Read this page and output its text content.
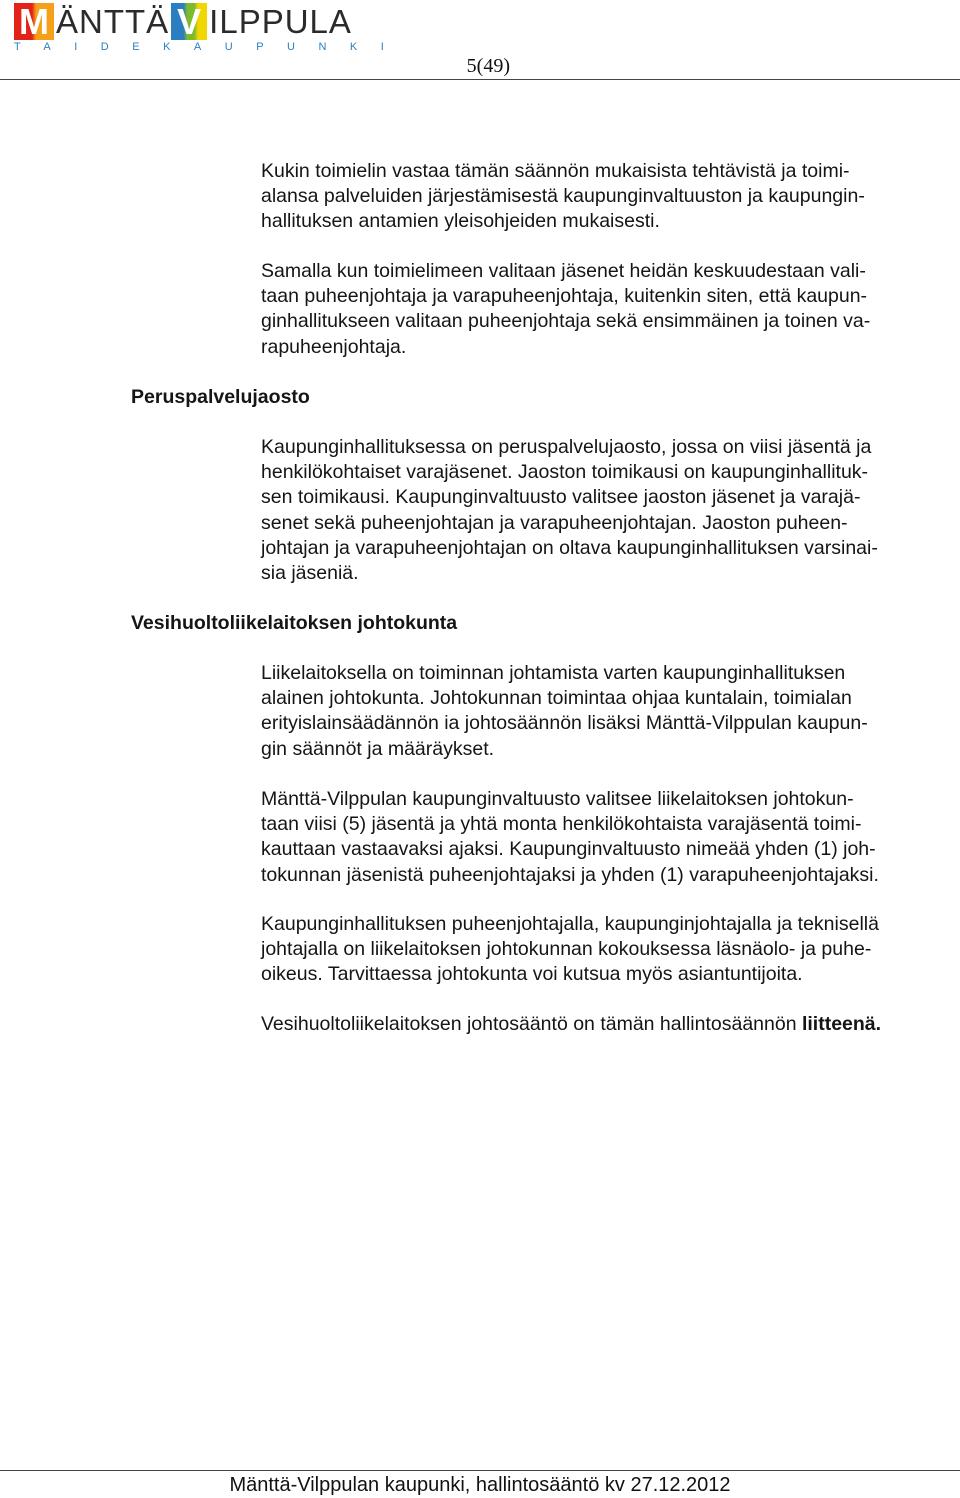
M ÄNTTÄ V ILPPULA
TAIDEKAUPUNKI
5(49)

Kukin toimielin vastaa tämän säännön mukaisista tehtävistä ja toimi-
alansa palveluiden järjestämisestä kaupunginvaltuuston ja kaupungin-
hallituksen antamien yleisohjeiden mukaisesti.

Samalla kun toimielimeen valitaan jäsenet heidän keskuudestaan vali-
taan puheenjohtaja ja varapuheenjohtaja, kuitenkin siten, että kaupun-
ginhallitukseen valitaan puheenjohtaja sekä ensimmäinen ja toinen va-
rapuheenjohtaja.

Peruspalvelujaosto

Kaupunginhallituksessa on peruspalvelujaosto, jossa on viisi jäsentä ja
henkilökohtaiset varajäsenet. Jaoston toimikausi on kaupunginhallituk-
sen toimikausi. Kaupunginvaltuusto valitsee jaoston jäsenet ja varajä-
senet sekä puheenjohtajan ja varapuheenjohtajan. Jaoston puheen-
johtajan ja varapuheenjohtajan on oltava kaupunginhallituksen varsinai-
sia jäseniä.

Vesihuoltoliikelaitoksen johtokunta

Liikelaitoksella on toiminnan johtamista varten kaupunginhallituksen
alainen johtokunta. Johtokunnan toimintaa ohjaa kuntalain, toimialan
erityislainsäädännön ia johtosäännön lisäksi Mänttä-Vilppulan kaupun-
gin säännöt ja määräykset.

Mänttä-Vilppulan kaupunginvaltuusto valitsee liikelaitoksen johtokun-
taan viisi (5) jäsentä ja yhtä monta henkilökohtaista varajäsentä toimi-
kauttaan vastaavaksi ajaksi. Kaupunginvaltuusto nimeää yhden (1) joh-
tokunnan jäsenistä puheenjohtajaksi ja yhden (1) varapuheenjohtajaksi.

Kaupunginhallituksen puheenjohtajalla, kaupunginjohtajalla ja teknisellä
johtajalla on liikelaitoksen johtokunnan kokouksessa läsnäolo- ja puhe-
oikeus. Tarvittaessa johtokunta voi kutsua myös asiantuntijoita.

Vesihuoltoliikelaitoksen johtosääntö on tämän hallintosäännön liitteenä.

Mänttä-Vilppulan kaupunki, hallintosääntö kv 27.12.2012
